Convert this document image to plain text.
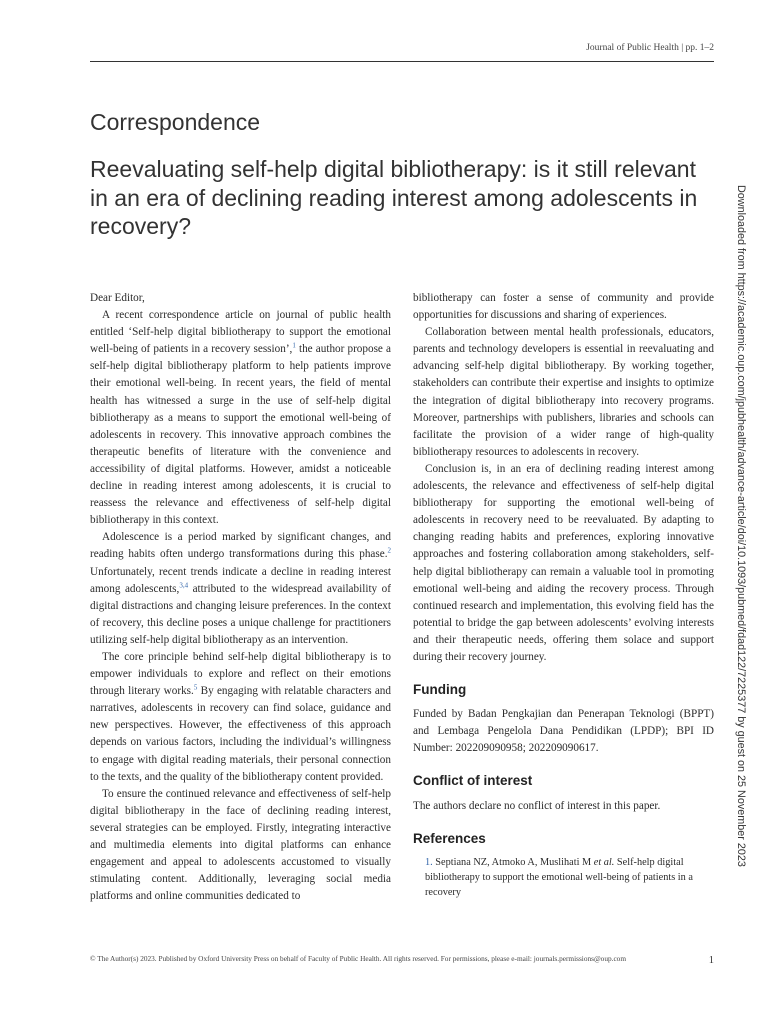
Journal of Public Health | pp. 1–2
Correspondence
Reevaluating self-help digital bibliotherapy: is it still relevant in an era of declining reading interest among adolescents in recovery?

Dear Editor,

A recent correspondence article on journal of public health entitled ‘Self-help digital bibliotherapy to support the emotional well-being of patients in a recovery session’,$^1$ the author propose a self-help digital bibliotherapy platform to help patients improve their emotional well-being. In recent years, the field of mental health has witnessed a surge in the use of self-help digital bibliotherapy as a means to support the emotional well-being of adolescents in recovery. This innovative approach combines the therapeutic benefits of literature with the convenience and accessibility of digital platforms. However, amidst a noticeable decline in reading interest among adolescents, it is crucial to reassess the relevance and effectiveness of self-help digital bibliotherapy in this context.

Adolescence is a period marked by significant changes, and reading habits often undergo transformations during this phase.$^2$ Unfortunately, recent trends indicate a decline in reading interest among adolescents,$^{3,4}$ attributed to the widespread availability of digital distractions and changing leisure preferences. In the context of recovery, this decline poses a unique challenge for practitioners utilizing self-help digital bibliotherapy as an intervention.

The core principle behind self-help digital bibliotherapy is to empower individuals to explore and reflect on their emotions through literary works.$^5$ By engaging with relatable characters and narratives, adolescents in recovery can find solace, guidance and new perspectives. However, the effectiveness of this approach depends on various factors, including the individual’s willingness to engage with digital reading materials, their personal connection to the texts, and the quality of the bibliotherapy content provided.

To ensure the continued relevance and effectiveness of self-help digital bibliotherapy in the face of declining reading interest, several strategies can be employed. Firstly, integrating interactive and multimedia elements into digital platforms can enhance engagement and appeal to adolescents accustomed to visually stimulating content. Additionally, leveraging social media platforms and online communities dedicated to

bibliotherapy can foster a sense of community and provide opportunities for discussions and sharing of experiences.

Collaboration between mental health professionals, educators, parents and technology developers is essential in reevaluating and advancing self-help digital bibliotherapy. By working together, stakeholders can contribute their expertise and insights to optimize the integration of digital bibliotherapy into recovery programs. Moreover, partnerships with publishers, libraries and schools can facilitate the provision of a wider range of high-quality bibliotherapy resources to adolescents in recovery.

Conclusion is, in an era of declining reading interest among adolescents, the relevance and effectiveness of self-help digital bibliotherapy for supporting the emotional well-being of adolescents in recovery need to be reevaluated. By adapting to changing reading habits and preferences, exploring innovative approaches and fostering collaboration among stakeholders, self-help digital bibliotherapy can remain a valuable tool in promoting emotional well-being and aiding the recovery process. Through continued research and implementation, this evolving field has the potential to bridge the gap between adolescents’ evolving interests and their therapeutic needs, offering them solace and support during their recovery journey.

Funding

Funded by Badan Pengkajian dan Penerapan Teknologi (BPPT) and Lembaga Pengelola Dana Pendidikan (LPDP); BPI ID Number: 202209090958; 202209090617.

Conflict of interest

The authors declare no conflict of interest in this paper.

References

1. Septiana NZ, Atmoko A, Muslihati M et al. Self-help digital bibliotherapy to support the emotional well-being of patients in a recovery

Downloaded from https://academic.oup.com/jpubhealth/advance-article/doi/10.1093/pubmed/fdad122/7225377 by guest on 25 November 2023
© The Author(s) 2023. Published by Oxford University Press on behalf of Faculty of Public Health. All rights reserved. For permissions, please e-mail: journals.permissions@oup.com	1
